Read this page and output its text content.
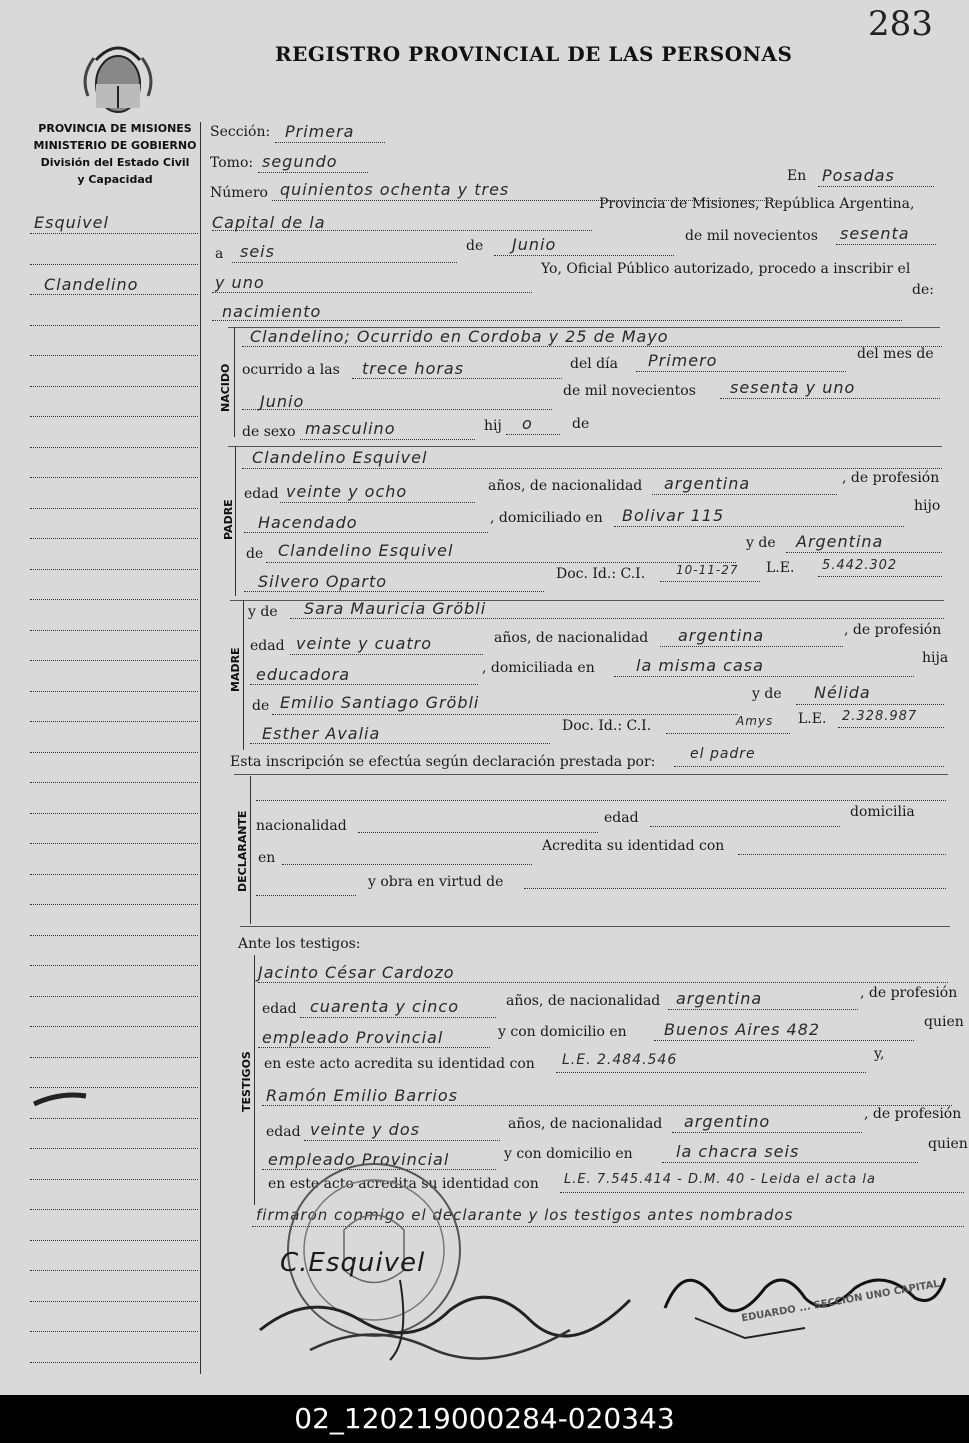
PROVINCIA DE MISIONES
MINISTERIO DE GOBIERNO
División del Estado Civil
y Capacidad
283
REGISTRO PROVINCIAL DE LAS PERSONAS
Esquivel
Clandelino
Sección: Primera
Tomo: segundo
Número quinientos ochenta y tres
En Posadas
Capital de la
Provincia de Misiones, República Argentina,
a seis	de Junio	de mil novecientos sesenta
y uno
Yo, Oficial Público autorizado, procedo a inscribir el
nacimiento
de:
NACIDO
Clandelino; Ocurrido en Cordoba y 25 de Mayo
ocurrido a las trece horas	del día Primero	del mes de
Junio
de mil novecientos sesenta y uno
de sexo masculino	hij o	de
PADRE
Clandelino Esquivel
edad veinte y ocho	años, de nacionalidad argentina	, de profesión
Hacendado	, domiciliado en Bolivar 115	hijo
de Clandelino Esquivel	y de Argentina
Silvero Oparto	Doc. Id.: C.I.	10-11-27 L.E. 5.442.302
MADRE
y de Sara Mauricia Gröbli
edad veinte y cuatro	años, de nacionalidad argentina	, de profesión
educadora	, domiciliada en	la misma casa	hija
de Emilio Santiago Gröbli	y de Nélida
Esther Avalia	Doc. Id.: C.I.	Amys L.E. 2.328.987
Esta inscripción se efectúa según declaración prestada por: el padre
DECLARANTE nacionalidad	edad	domicilia
en
Acredita su identidad con
y obra en virtud de
Ante los testigos:
TESTIGOS
Jacinto César Cardozo
edad cuarenta y cinco	años, de nacionalidad argentina	, de profesión
empleado Provincial	y con domicilio en Buenos Aires 482	quien
en este acto acredita su identidad con L.E. 2.484.546	y,
Ramón Emilio Barrios
edad veinte y dos	años, de nacionalidad argentino	, de profesión
empleado Provincial	y con domicilio en	la chacra seis	quien
en este acto acredita su identidad con L.E. 7.545.414 - D.M. 40 - Leida el acta la
firmaron conmigo el declarante y los testigos antes nombrados
C.Esquivel
EDUARDO ... SECCIÓN UNO CAPITAL
02_120219000284-020343
